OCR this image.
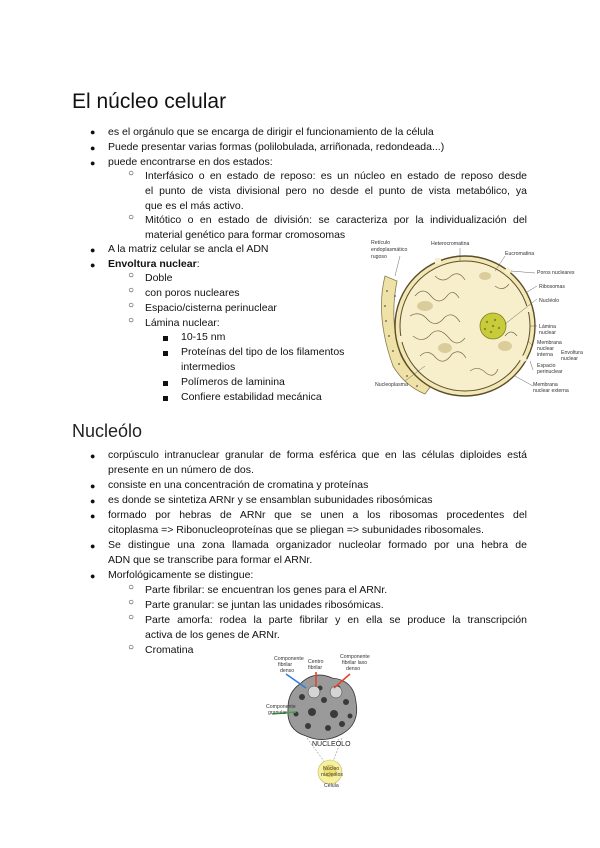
El núcleo celular
● es el orgánulo que se encarga de dirigir el funcionamiento de la célula
● Puede presentar varias formas (polilobulada, arriñonada, redondeada...)
● puede encontrarse en dos estados:
○ Interfásico o en estado de reposo: es un núcleo en estado de reposo desde
el punto de vista divisional pero no desde el punto de vista metabólico, ya
que es el más activo.
○ Mitótico o en estado de división: se caracteriza por la individualización del
material genético para formar cromosomas
● A la matriz celular se ancla el ADN
● Envoltura nuclear:
○ Doble
○ con poros nucleares
○ Espacio/cisterna perinuclear
○ Lámina nuclear:
10-15 nm
Proteínas del tipo de los filamentos
intermedios
Polímeros de laminina
Confiere estabilidad mecánica
Retículo
endoplasmático
rugoso
Heterocromatina
Eucromatina
Poros nucleares
Ribosomas
Nucléolo
Lámina
nuclear
Membrana
nuclear
interna Envoltura
nuclear
Espacio
perinuclear
Nucleoplasma	Membrana
nuclear externa
Nucleólo
● corpúsculo intranuclear granular de forma esférica que en las células diploides está
presente en un número de dos.
● consiste en una concentración de cromatina y proteínas
● es donde se sintetiza ARNr y se ensamblan subunidades ribosómicas
● formado por hebras de ARNr que se unen a los ribosomas procedentes del
citoplasma => Ribonucleoproteínas que se pliegan => subunidades ribosomales.
● Se distingue una zona llamada organizador nucleolar formado por una hebra de
ADN que se transcribe para formar el ARNr.
● Morfológicamente se distingue:
○ Parte fibrilar: se encuentran los genes para el ARNr.
○ Parte granular: se juntan las unidades ribosómicas.
○ Parte amorfa: rodea la parte fibrilar y en ella se produce la transcripción
activa de los genes de ARNr.
○ Cromatina
Componente
fibrilar
denso
Centro
fibrilar
Componente
fibrilar laxo
denso
Componente
granular
NUCLEÓLO
Núcleo
nucleolos
Célula
